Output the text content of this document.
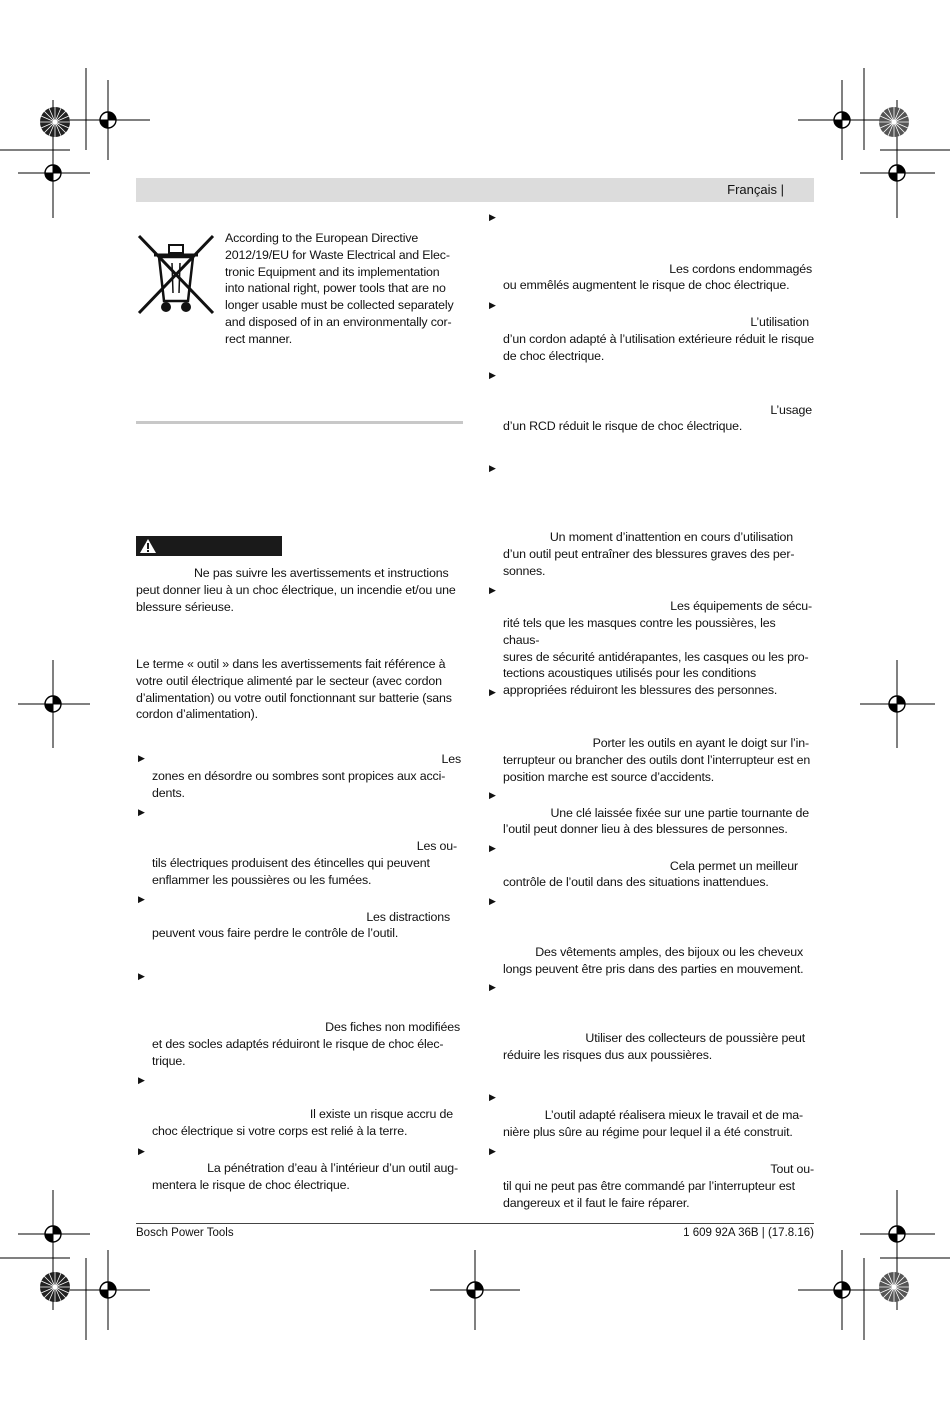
Français |
According to the European Directive
2012/19/EU for Waste Electrical and Elec-
tronic Equipment and its implementation
into national right, power tools that are no
longer usable must be collected separately
and disposed of in an environmentally cor-
rect manner.
Ne pas suivre les avertissements et instructions
peut donner lieu à un choc électrique, un incendie et/ou une
blessure sérieuse.
Le terme « outil » dans les avertissements fait référence à
votre outil électrique alimenté par le secteur (avec cordon
d’alimentation) ou votre outil fonctionnant sur batterie (sans
cordon d’alimentation).
▶	Les
zones en désordre ou sombres sont propices aux acci-
dents.
▶
Les ou-
tils électriques produisent des étincelles qui peuvent
enflammer les poussières ou les fumées.
▶
Les distractions
peuvent vous faire perdre le contrôle de l’outil.
▶
Des fiches non modifiées
et des socles adaptés réduiront le risque de choc élec-
trique.
▶
Il existe un risque accru de
choc électrique si votre corps est relié à la terre.
▶
La pénétration d’eau à l’intérieur d’un outil aug-
mentera le risque de choc électrique.
▶
Les cordons endommagés
ou emmêlés augmentent le risque de choc électrique.
▶
L’utilisation
d’un cordon adapté à l’utilisation extérieure réduit le risque
de choc électrique.
▶
L’usage
d’un RCD réduit le risque de choc électrique.
▶
Un moment d’inattention en cours d’utilisation
d’un outil peut entraîner des blessures graves des per-
sonnes.
▶
Les équipements de sécu-
rité tels que les masques contre les poussières, les chaus-
sures de sécurité antidérapantes, les casques ou les pro-
tections acoustiques utilisés pour les conditions
appropriées réduiront les blessures des personnes.
▶
Porter les outils en ayant le doigt sur l’in-
terrupteur ou brancher des outils dont l’interrupteur est en
position marche est source d’accidents.
▶
Une clé laissée fixée sur une partie tournante de
l’outil peut donner lieu à des blessures de personnes.
▶
Cela permet un meilleur
contrôle de l’outil dans des situations inattendues.
▶
Des vêtements amples, des bijoux ou les cheveux
longs peuvent être pris dans des parties en mouvement.
▶
Utiliser des collecteurs de poussière peut
réduire les risques dus aux poussières.
▶
L’outil adapté réalisera mieux le travail et de ma-
nière plus sûre au régime pour lequel il a été construit.
▶
Tout ou-
til qui ne peut pas être commandé par l’interrupteur est
dangereux et il faut le faire réparer.
Bosch Power Tools	1 609 92A 36B | (17.8.16)
